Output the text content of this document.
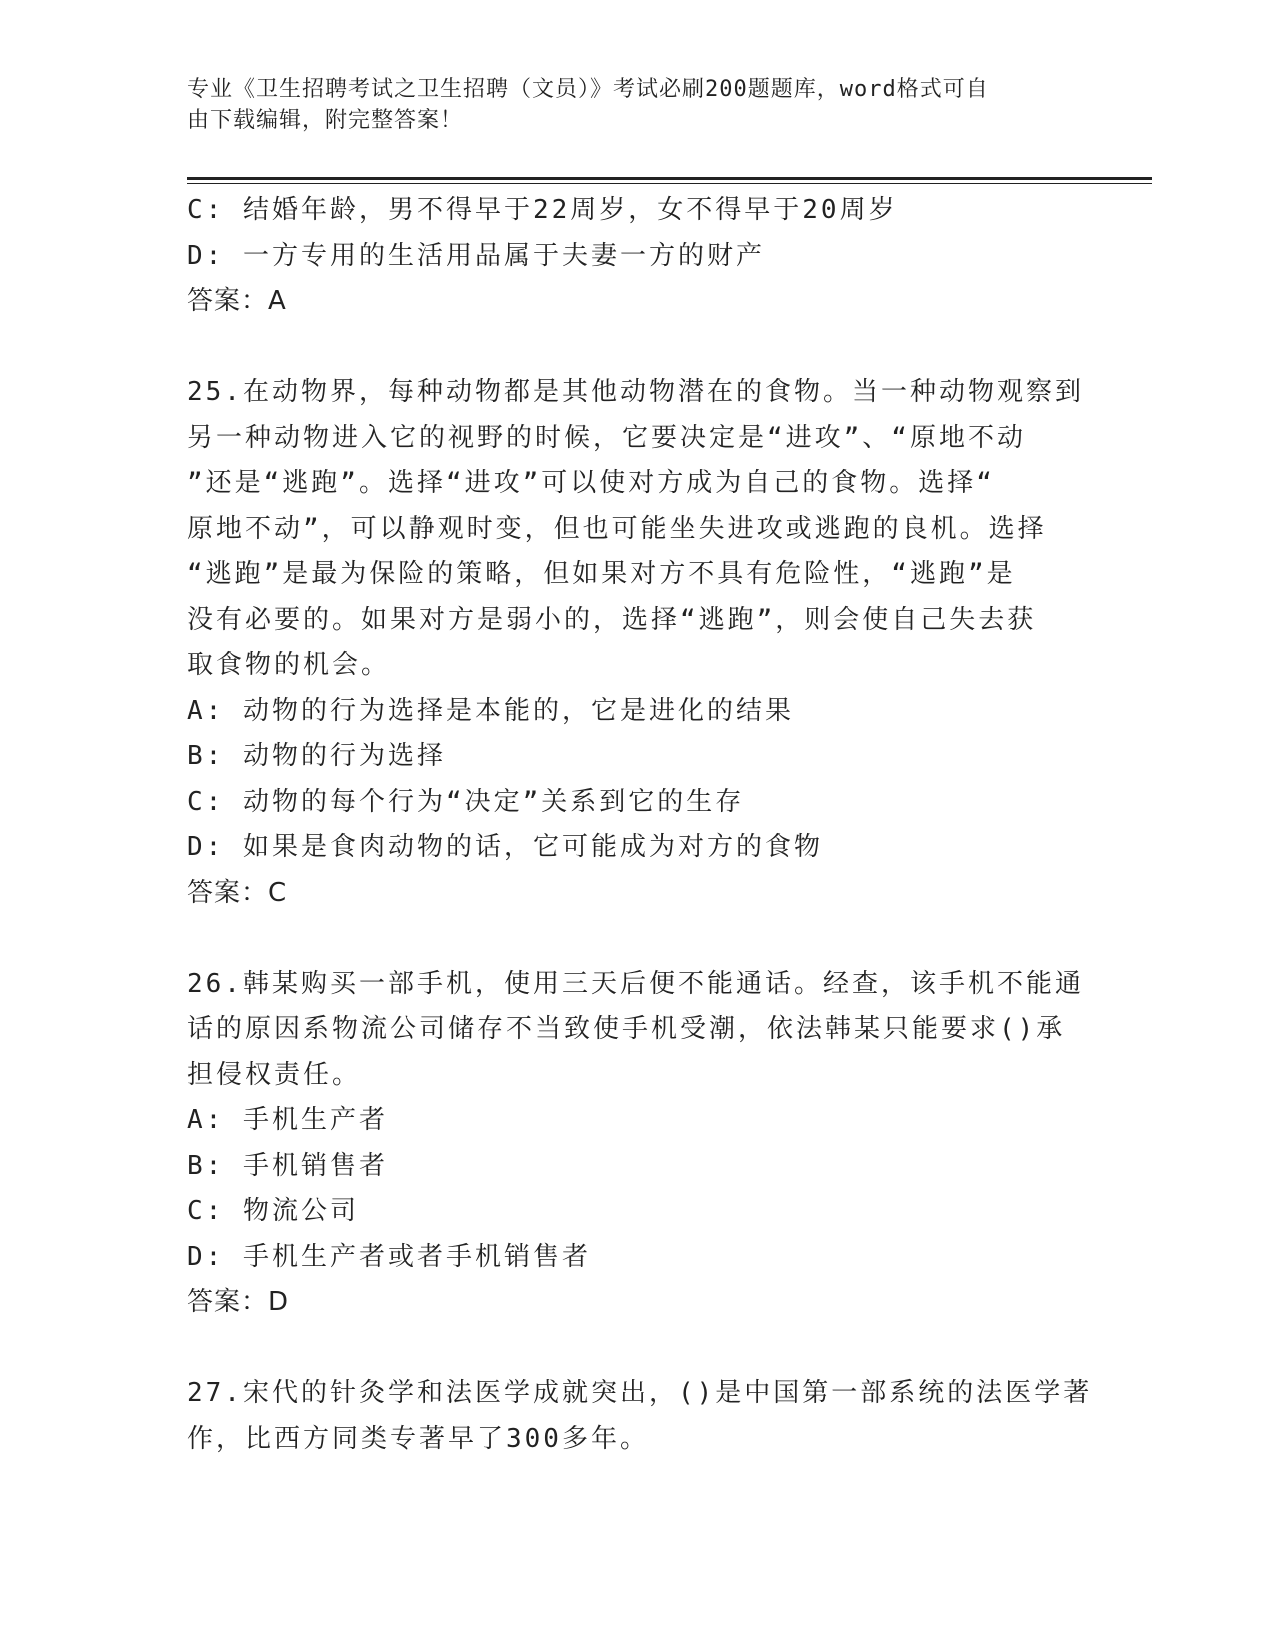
专业《卫生招聘考试之卫生招聘（文员）》考试必刷200题题库，word格式可自
由下载编辑，附完整答案！
C: 结婚年龄，男不得早于22周岁，女不得早于20周岁
D: 一方专用的生活用品属于夫妻一方的财产
答案：A
25.在动物界，每种动物都是其他动物潜在的食物。当一种动物观察到
另一种动物进入它的视野的时候，它要决定是“进攻”、“原地不动
”还是“逃跑”。选择“进攻”可以使对方成为自己的食物。选择“
原地不动”，可以静观时变，但也可能坐失进攻或逃跑的良机。选择
“逃跑”是最为保险的策略，但如果对方不具有危险性，“逃跑”是
没有必要的。如果对方是弱小的，选择“逃跑”，则会使自己失去获
取食物的机会。
A: 动物的行为选择是本能的，它是进化的结果
B: 动物的行为选择
C: 动物的每个行为“决定”关系到它的生存
D: 如果是食肉动物的话，它可能成为对方的食物
答案：C
26.韩某购买一部手机，使用三天后便不能通话。经查，该手机不能通
话的原因系物流公司储存不当致使手机受潮，依法韩某只能要求()承
担侵权责任。
A: 手机生产者
B: 手机销售者
C: 物流公司
D: 手机生产者或者手机销售者
答案：D
27.宋代的针灸学和法医学成就突出，()是中国第一部系统的法医学著
作，比西方同类专著早了300多年。
